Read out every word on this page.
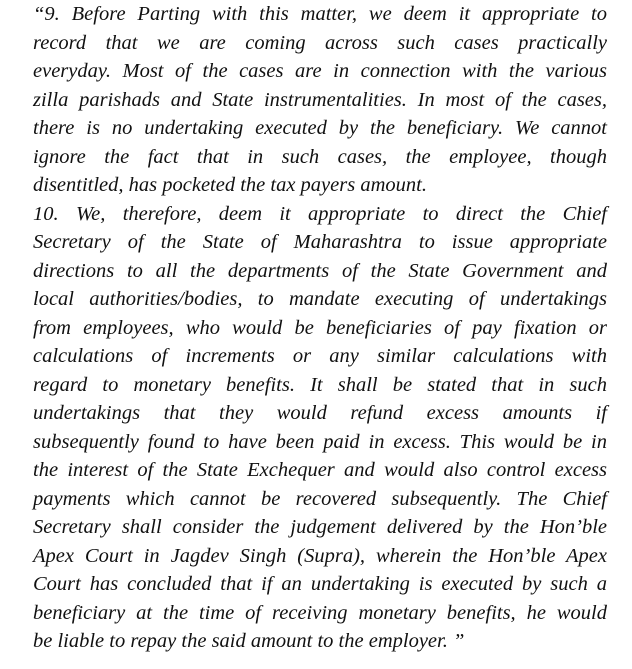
“9. Before Parting with this matter, we deem it appropriate to
record that we are coming across such cases practically
everyday. Most of the cases are in connection with the various
zilla parishads and State instrumentalities. In most of the cases,
there is no undertaking executed by the beneficiary. We cannot
ignore the fact that in such cases, the employee, though
disentitled, has pocketed the tax payers amount.
10. We, therefore, deem it appropriate to direct the Chief
Secretary of the State of Maharashtra to issue appropriate
directions to all the departments of the State Government and
local authorities/bodies, to mandate executing of undertakings
from employees, who would be beneficiaries of pay fixation or
calculations of increments or any similar calculations with
regard to monetary benefits. It shall be stated that in such
undertakings that they would refund excess amounts if
subsequently found to have been paid in excess. This would be in
the interest of the State Exchequer and would also control excess
payments which cannot be recovered subsequently. The Chief
Secretary shall consider the judgement delivered by the Hon’ble
Apex Court in Jagdev Singh (Supra), wherein the Hon’ble Apex
Court has concluded that if an undertaking is executed by such a
beneficiary at the time of receiving monetary benefits, he would
be liable to repay the said amount to the employer. ”
